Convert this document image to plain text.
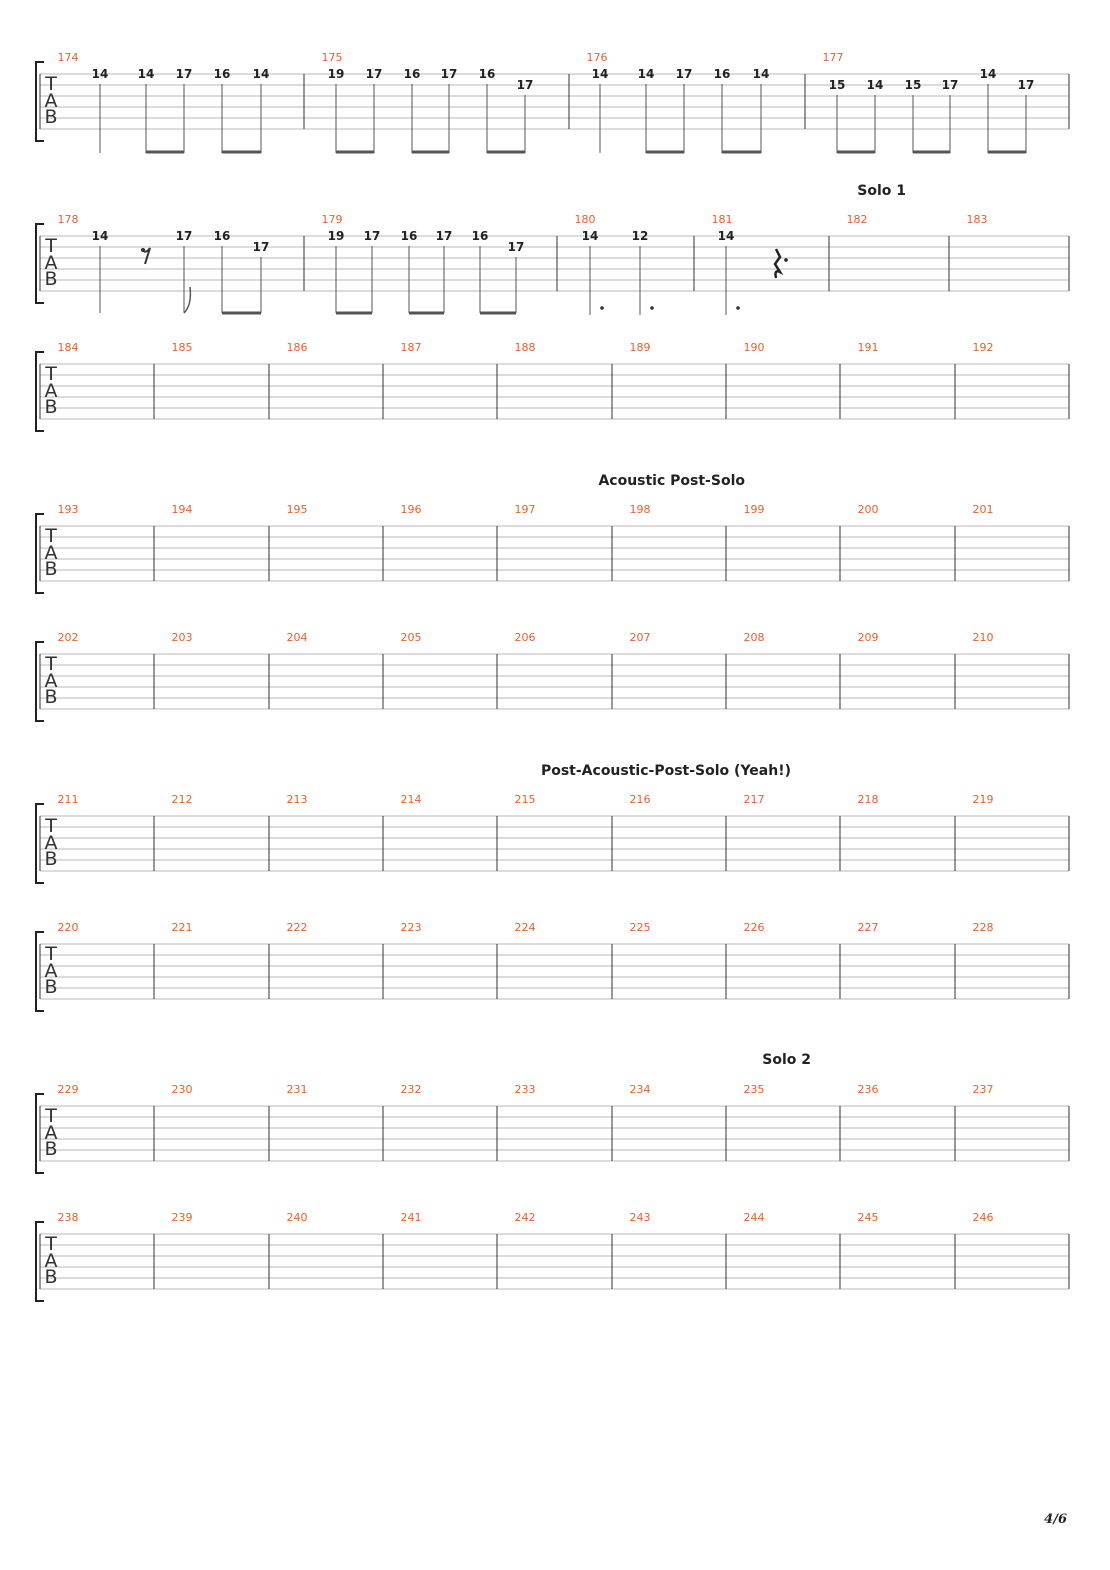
T
A
B
184	185	186	187	188	189	190	191	192
T
A
B
193	194	195	196	197	198	199	200	201
Acoustic Post-Solo
T
A
B
202	203	204	205	206	207	208	209	210
T
A
B
211	212	213	214	215	216	217	218	219
Post-Acoustic-Post-Solo (Yeah!)
T
A
B
220	221	222	223	224	225	226	227	228
T
A
B
229	230	231	232	233	234	235	236	237
Solo 2
T
A
B
238	239	240	241	242	243	244	245	246
T
A
B
174	175	176	177
14 14 17 16 14	19 17 16 17 16
17
14 14 17 16 14
15 14 15 17
14
17
T
A
B
178	179	180	181	182	183
Solo 1
14	17 16
17
19 17 16 17 16
17
14	12	14
4/6
